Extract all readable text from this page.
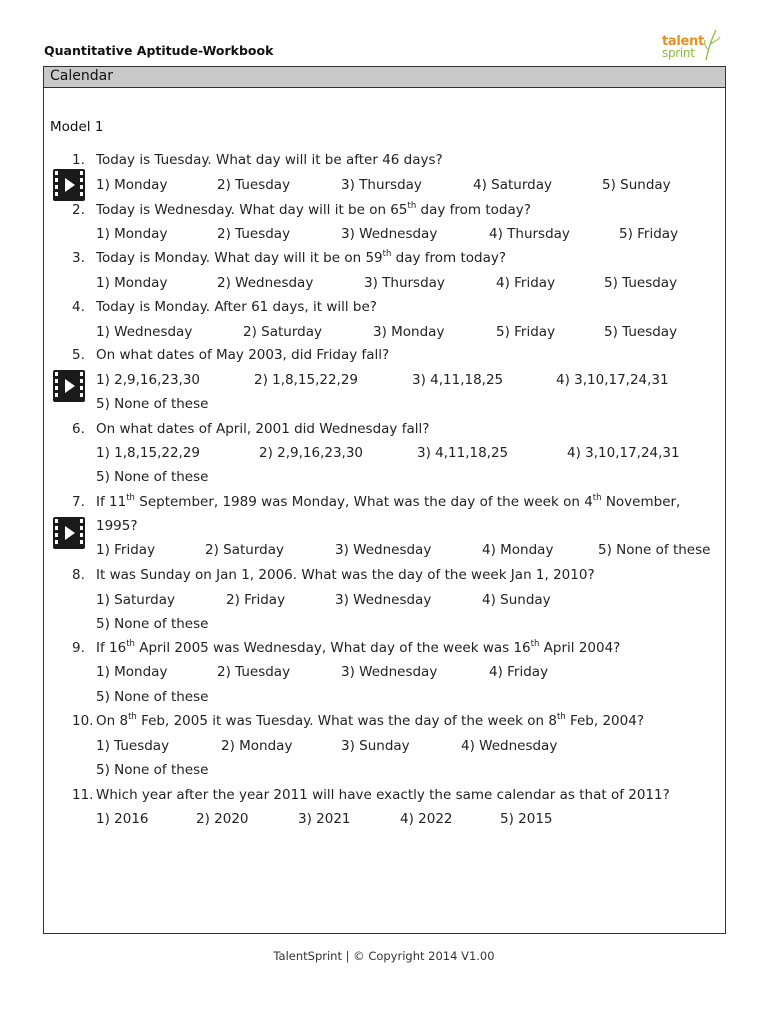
Quantitative Aptitude-Workbook
talent
sprint
Calendar
Model 1
1. Today is Tuesday. What day will it be after 46 days?
1) Monday	2) Tuesday	3) Thursday	4) Saturday	5) Sunday
2. Today is Wednesday. What day will it be on 65th day from today?
1) Monday	2) Tuesday	3) Wednesday	4) Thursday	5) Friday
3. Today is Monday. What day will it be on 59th day from today?
1) Monday	2) Wednesday	3) Thursday	4) Friday	5) Tuesday
4. Today is Monday. After 61 days, it will be?
1) Wednesday	2) Saturday	3) Monday	5) Friday	5) Tuesday
5. On what dates of May 2003, did Friday fall?
1) 2,9,16,23,30	2) 1,8,15,22,29	3) 4,11,18,25	4) 3,10,17,24,31
5) None of these
6. On what dates of April, 2001 did Wednesday fall?
1) 1,8,15,22,29	2) 2,9,16,23,30	3) 4,11,18,25	4) 3,10,17,24,31
5) None of these
7. If 11th September, 1989 was Monday, What was the day of the week on 4th November,
1995?
1) Friday	2) Saturday	3) Wednesday	4) Monday	5) None of these
8. It was Sunday on Jan 1, 2006. What was the day of the week Jan 1, 2010?
1) Saturday	2) Friday	3) Wednesday	4) Sunday
5) None of these
9. If 16th April 2005 was Wednesday, What day of the week was 16th April 2004?
1) Monday	2) Tuesday	3) Wednesday	4) Friday
5) None of these
10. On 8th Feb, 2005 it was Tuesday. What was the day of the week on 8th Feb, 2004?
1) Tuesday	2) Monday	3) Sunday	4) Wednesday
5) None of these
11. Which year after the year 2011 will have exactly the same calendar as that of 2011?
1) 2016	2) 2020	3) 2021	4) 2022	5) 2015
TalentSprint | © Copyright 2014 V1.00
